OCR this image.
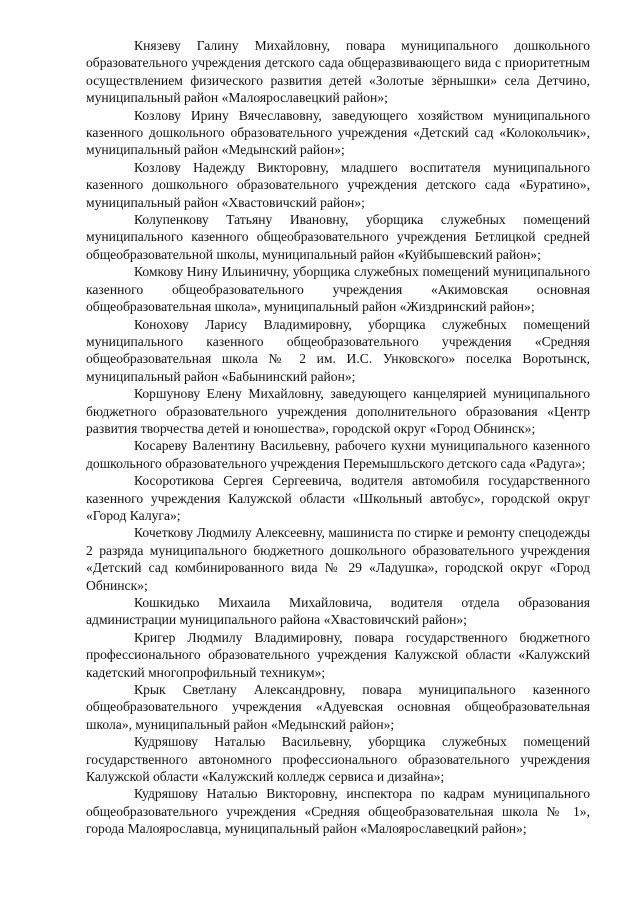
Князеву Галину Михайловну, повара муниципального дошкольного образовательного учреждения детского сада общеразвивающего вида с приоритетным осуществлением физического развития детей «Золотые зёрнышки» села Детчино, муниципальный район «Малоярославецкий район»;

Козлову Ирину Вячеславовну, заведующего хозяйством муниципального казенного дошкольного образовательного учреждения «Детский сад «Колокольчик», муниципальный район «Медынский район»;

Козлову Надежду Викторовну, младшего воспитателя муниципального казенного дошкольного образовательного учреждения детского сада «Буратино», муниципальный район «Хвастовичский район»;

Колупенкову Татьяну Ивановну, уборщика служебных помещений муниципального казенного общеобразовательного учреждения Бетлицкой средней общеобразовательной школы, муниципальный район «Куйбышевский район»;

Комкову Нину Ильиничну, уборщика служебных помещений муниципального казенного общеобразовательного учреждения «Акимовская основная общеобразовательная школа», муниципальный район «Жиздринский район»;

Конохову Ларису Владимировну, уборщика служебных помещений муниципального казенного общеобразовательного учреждения «Средняя общеобразовательная школа № 2 им. И.С. Унковского» поселка Воротынск, муниципальный район «Бабынинский район»;

Коршунову Елену Михайловну, заведующего канцелярией муниципального бюджетного образовательного учреждения дополнительного образования «Центр развития творчества детей и юношества», городской округ «Город Обнинск»;

Косареву Валентину Васильевну, рабочего кухни муниципального казенного дошкольного образовательного учреждения Перемышльского детского сада «Радуга»;

Косоротикова Сергея Сергеевича, водителя автомобиля государственного казенного учреждения Калужской области «Школьный автобус», городской округ «Город Калуга»;

Кочеткову Людмилу Алексеевну, машиниста по стирке и ремонту спецодежды 2 разряда муниципального бюджетного дошкольного образовательного учреждения «Детский сад комбинированного вида № 29 «Ладушка», городской округ «Город Обнинск»;

Кошкидько Михаила Михайловича, водителя отдела образования администрации муниципального района «Хвастовичский район»;

Кригер Людмилу Владимировну, повара государственного бюджетного профессионального образовательного учреждения Калужской области «Калужский кадетский многопрофильный техникум»;

Крык Светлану Александровну, повара муниципального казенного общеобразовательного учреждения «Адуевская основная общеобразовательная школа», муниципальный район «Медынский район»;

Кудряшову Наталью Васильевну, уборщика служебных помещений государственного автономного профессионального образовательного учреждения Калужской области «Калужский колледж сервиса и дизайна»;

Кудряшову Наталью Викторовну, инспектора по кадрам муниципального общеобразовательного учреждения «Средняя общеобразовательная школа № 1», города Малоярославца, муниципальный район «Малоярославецкий район»;
